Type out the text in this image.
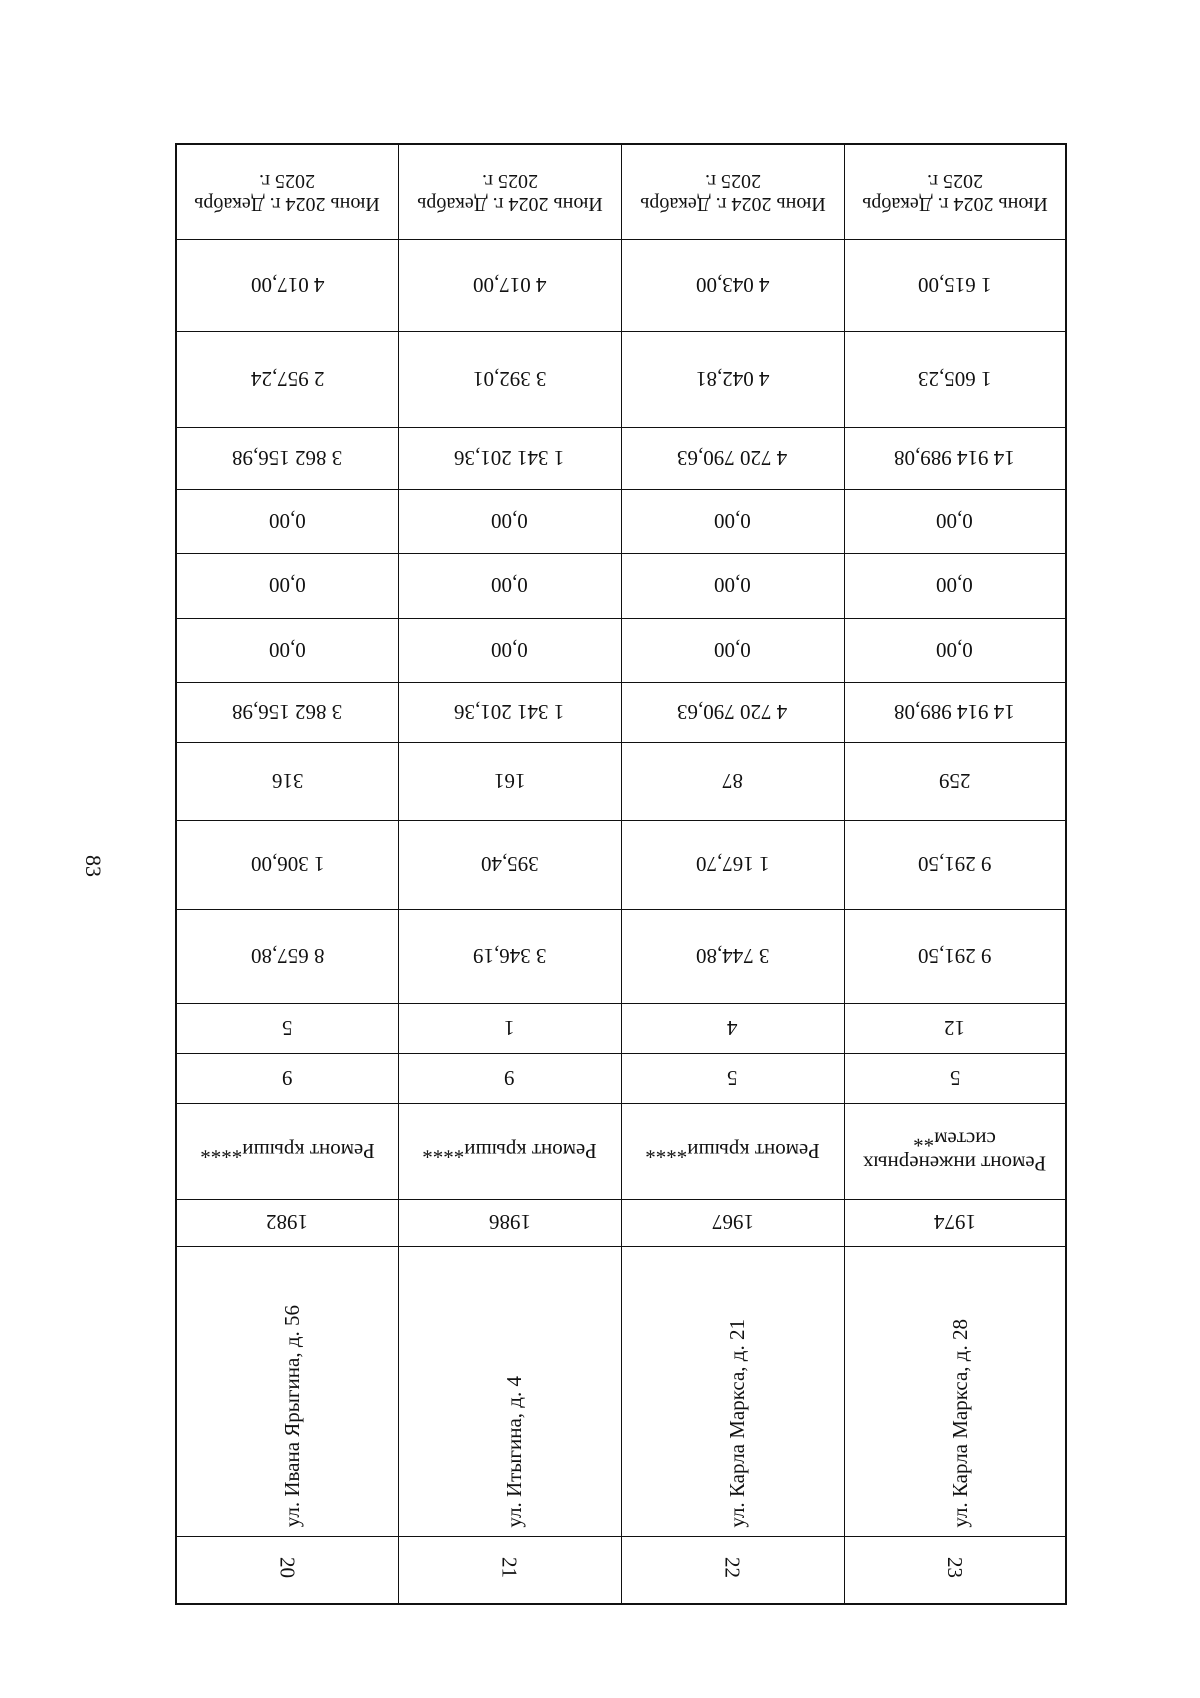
83
Июнь 2024 г. Декабрь 2025 г.	Июнь 2024 г. Декабрь 2025 г.	Июнь 2024 г. Декабрь 2025 г.	Июнь 2024 г. Декабрь 2025 г.
4 017,00	4 017,00	4 043,00	1 615,00
2 957,24	3 392,01	4 042,81	1 605,23
3 862 156,98	1 341 201,36	4 720 790,63	14 914 989,08
0,00	0,00	0,00	0,00
0,00	0,00	0,00	0,00
0,00	0,00	0,00	0,00
3 862 156,98	1 341 201,36	4 720 790,63	14 914 989,08
316	161	87	259
1 306,00	395,40	1 167,70	9 291,50
8 657,80	3 346,19	3 744,80	9 291,50
5	1	4	12
9	9	5	5
Ремонт крыши****	Ремонт крыши****	Ремонт крыши****	Ремонт инженерных систем**
1982	1986	1967	1974

ул. Ивана Ярыгина, д. 56	ул. Итыгина, д. 4	ул. Карла Маркса, д. 21	ул. Карла Маркса, д. 28

20	21	22	23
